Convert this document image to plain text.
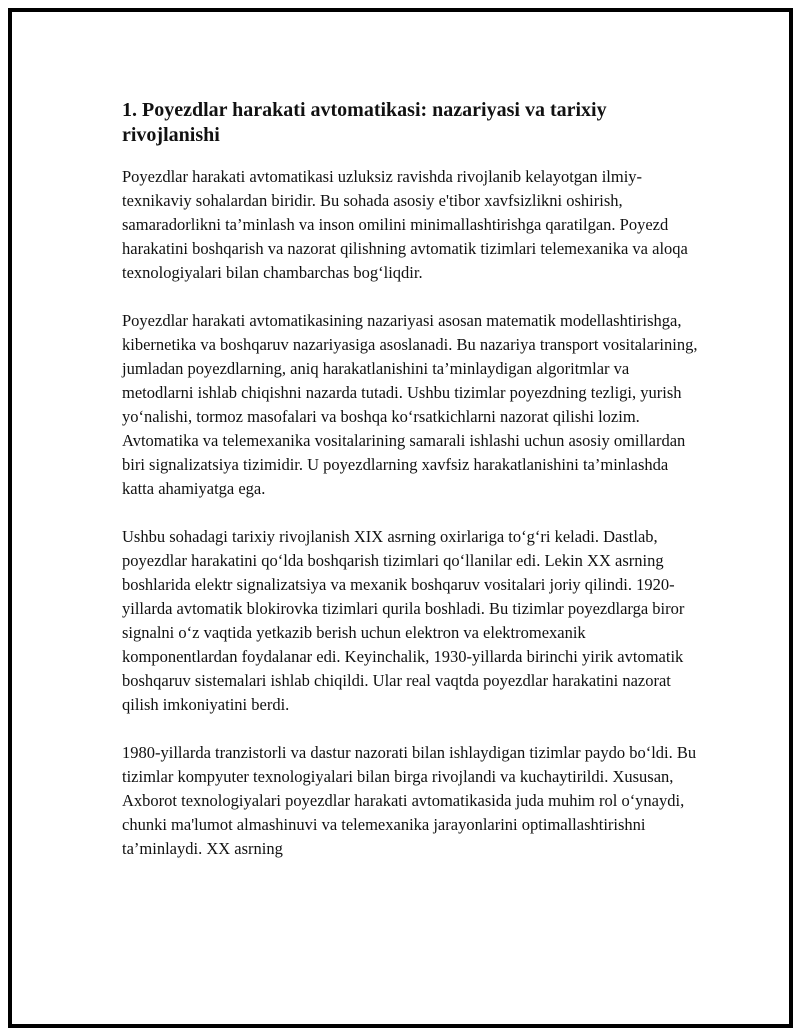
1. Poyezdlar harakati avtomatikasi: nazariyasi va tarixiy rivojlanishi

Poyezdlar harakati avtomatikasi uzluksiz ravishda rivojlanib kelayotgan ilmiy-texnikaviy sohalardan biridir. Bu sohada asosiy e'tibor xavfsizlikni oshirish, samaradorlikni ta’minlash va inson omilini minimallashtirishga qaratilgan. Poyezd harakatini boshqarish va nazorat qilishning avtomatik tizimlari telemexanika va aloqa texnologiyalari bilan chambarchas bog‘liqdir.

Poyezdlar harakati avtomatikasining nazariyasi asosan matematik modellashtirishga, kibernetika va boshqaruv nazariyasiga asoslanadi. Bu nazariya transport vositalarining, jumladan poyezdlarning, aniq harakatlanishini ta’minlaydigan algoritmlar va metodlarni ishlab chiqishni nazarda tutadi. Ushbu tizimlar poyezdning tezligi, yurish yo‘nalishi, tormoz masofalari va boshqa ko‘rsatkichlarni nazorat qilishi lozim. Avtomatika va telemexanika vositalarining samarali ishlashi uchun asosiy omillardan biri signalizatsiya tizimidir. U poyezdlarning xavfsiz harakatlanishini ta’minlashda katta ahamiyatga ega.

Ushbu sohadagi tarixiy rivojlanish XIX asrning oxirlariga to‘g‘ri keladi. Dastlab, poyezdlar harakatini qo‘lda boshqarish tizimlari qo‘llanilar edi. Lekin XX asrning boshlarida elektr signalizatsiya va mexanik boshqaruv vositalari joriy qilindi. 1920-yillarda avtomatik blokirovka tizimlari qurila boshladi. Bu tizimlar poyezdlarga biror signalni o‘z vaqtida yetkazib berish uchun elektron va elektromexanik komponentlardan foydalanar edi. Keyinchalik, 1930-yillarda birinchi yirik avtomatik boshqaruv sistemalari ishlab chiqildi. Ular real vaqtda poyezdlar harakatini nazorat qilish imkoniyatini berdi.

1980-yillarda tranzistorli va dastur nazorati bilan ishlaydigan tizimlar paydo bo‘ldi. Bu tizimlar kompyuter texnologiyalari bilan birga rivojlandi va kuchaytirildi. Xususan, Axborot texnologiyalari poyezdlar harakati avtomatikasida juda muhim rol o‘ynaydi, chunki ma'lumot almashinuvi va telemexanika jarayonlarini optimallashtirishni ta’minlaydi. XX asrning
